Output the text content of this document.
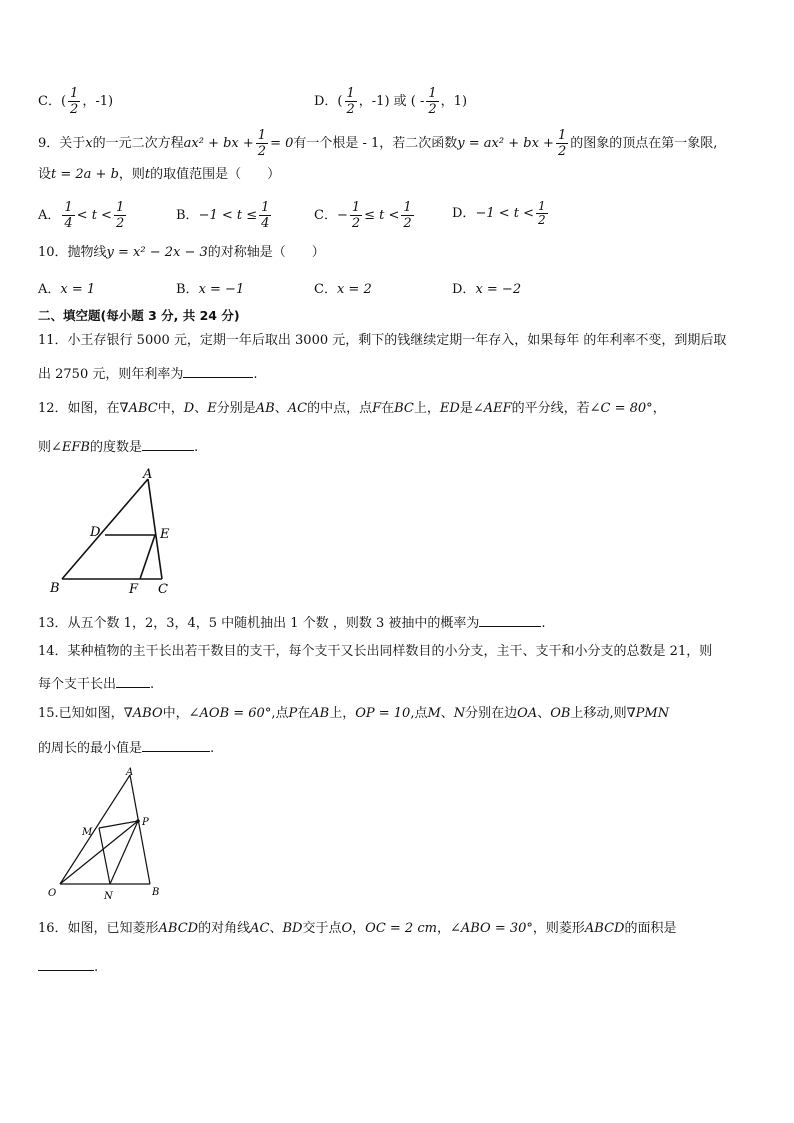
C．( $\frac{1}{2}$ ，-1)	D．( $\frac{1}{2}$ ，-1) 或 ( - $\frac{1}{2}$ ，1)
9．关于x的一元二次方程ax² + bx + $\frac{1}{2} = 0$有一个根是 - 1，若二次函数y = ax² + bx + $\frac{1}{2}$ 的图象的顶点在第一象限,
设t = 2a + b，则t的取值范围是（　　）
A． $\frac{1}{4} < t < \frac{1}{2}$	B．$-1 < t \le \frac{1}{4}$	C．− $\frac{1}{2} \le t < \frac{1}{2}$	D．$-1 < t < \frac{1}{2}$
10．抛物线y = x² − 2x − 3的对称轴是（　　）
A．x = 1	B．x = −1	C．x = 2	D．x = −2
二、填空题(每小题 3 分, 共 24 分)
11．小王存银行 5000 元，定期一年后取出 3000 元，剩下的钱继续定期一年存入，如果每年 的年利率不变，到期后取
出 2750 元，则年利率为	.
12．如图，在∇ABC中，D、E分别是AB、AC的中点，点F在BC上，ED是∠AEF的平分线，若∠C = 80°，
则∠EFB的度数是	.
A
D	E
B	F C
13．从五个数 1，2，3，4，5 中随机抽出 1 个数 ，则数 3 被抽中的概率为	.
14．某种植物的主干长出若干数目的支干，每个支干又长出同样数目的小分支，主干、支干和小分支的总数是 21，则
每个支干长出	.
15.已知如图，∇ABO中，∠AOB = 60°,点P在AB上，OP = 10,点M、N分别在边OA、OB上移动,则∇PMN
的周长的最小值是	.
A
P
M
O	N	B
16．如图，已知菱形ABCD的对角线AC、BD交于点O，OC = 2 cm，∠ABO = 30°，则菱形ABCD的面积是
.
